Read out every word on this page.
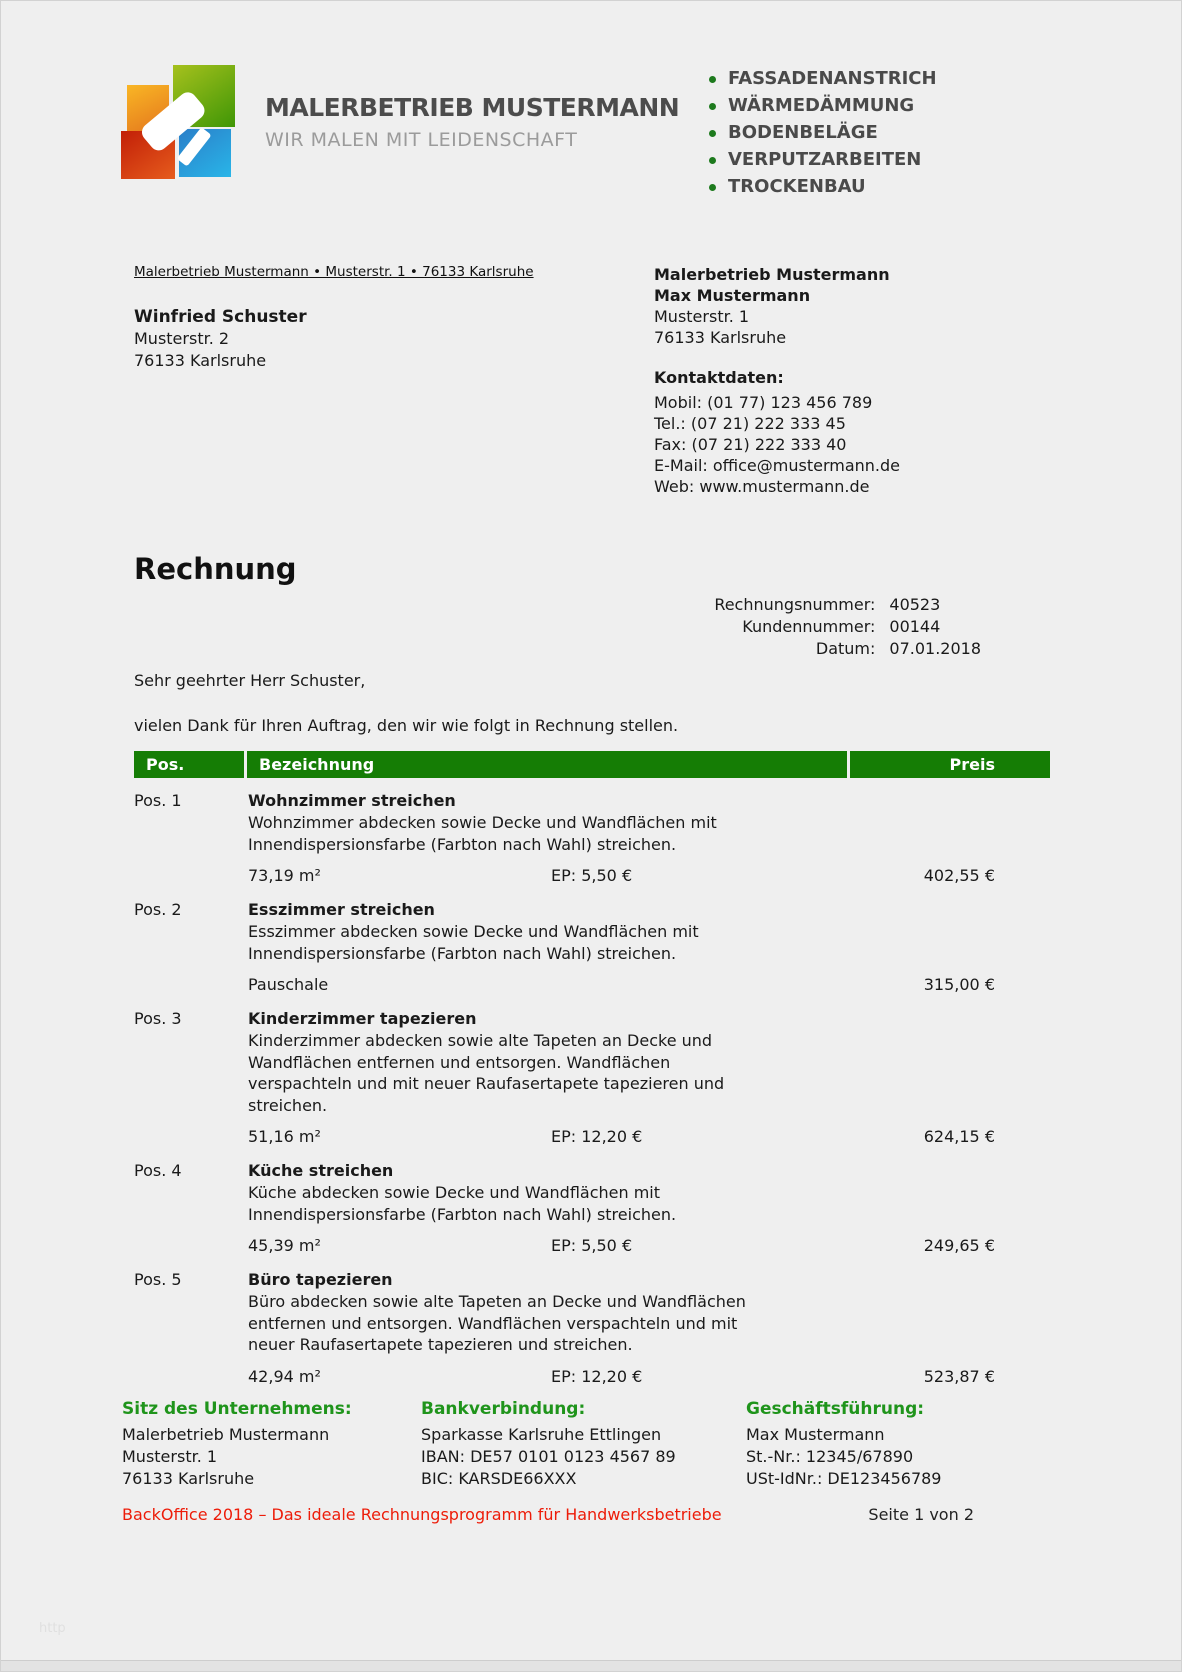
MALERBETRIEB MUSTERMANN
WIR MALEN MIT LEIDENSCHAFT
FASSADENANSTRICH
WÄRMEDÄMMUNG
BODENBELÄGE
VERPUTZARBEITEN
TROCKENBAU
Malerbetrieb Mustermann • Musterstr. 1 • 76133 Karlsruhe
Winfried Schuster
Musterstr. 2
76133 Karlsruhe
Malerbetrieb Mustermann
Max Mustermann
Musterstr. 1
76133 Karlsruhe
Kontaktdaten:
Mobil: (01 77) 123 456 789
Tel.: (07 21) 222 333 45
Fax: (07 21) 222 333 40
E-Mail: office@mustermann.de
Web: www.mustermann.de
Rechnung
Rechnungsnummer: 40523
Kundennummer: 00144
Datum: 07.01.2018
Sehr geehrter Herr Schuster,
vielen Dank für Ihren Auftrag, den wir wie folgt in Rechnung stellen.
Pos.	Bezeichnung	Preis
Pos. 1	Wohnzimmer streichen
Wohnzimmer abdecken sowie Decke und Wandflächen mit Innendispersionsfarbe (Farbton nach Wahl) streichen.
73,19 m²	EP: 5,50 €	402,55 €
Pos. 2	Esszimmer streichen
Esszimmer abdecken sowie Decke und Wandflächen mit Innendispersionsfarbe (Farbton nach Wahl) streichen.
Pauschale	315,00 €
Pos. 3	Kinderzimmer tapezieren
Kinderzimmer abdecken sowie alte Tapeten an Decke und Wandflächen entfernen und entsorgen. Wandflächen verspachteln und mit neuer Raufasertapete tapezieren und streichen.
51,16 m²	EP: 12,20 €	624,15 €
Pos. 4	Küche streichen
Küche abdecken sowie Decke und Wandflächen mit Innendispersionsfarbe (Farbton nach Wahl) streichen.
45,39 m²	EP: 5,50 €	249,65 €
Pos. 5	Büro tapezieren
Büro abdecken sowie alte Tapeten an Decke und Wandflächen entfernen und entsorgen. Wandflächen verspachteln und mit neuer Raufasertapete tapezieren und streichen.
42,94 m²	EP: 12,20 €	523,87 €
Sitz des Unternehmens:
Malerbetrieb Mustermann
Musterstr. 1
76133 Karlsruhe
Bankverbindung:
Sparkasse Karlsruhe Ettlingen
IBAN: DE57 0101 0123 4567 89
BIC: KARSDE66XXX
Geschäftsführung:
Max Mustermann
St.-Nr.: 12345/67890
USt-IdNr.: DE123456789
BackOffice 2018 – Das ideale Rechnungsprogramm für Handwerksbetriebe	Seite 1 von 2
http
